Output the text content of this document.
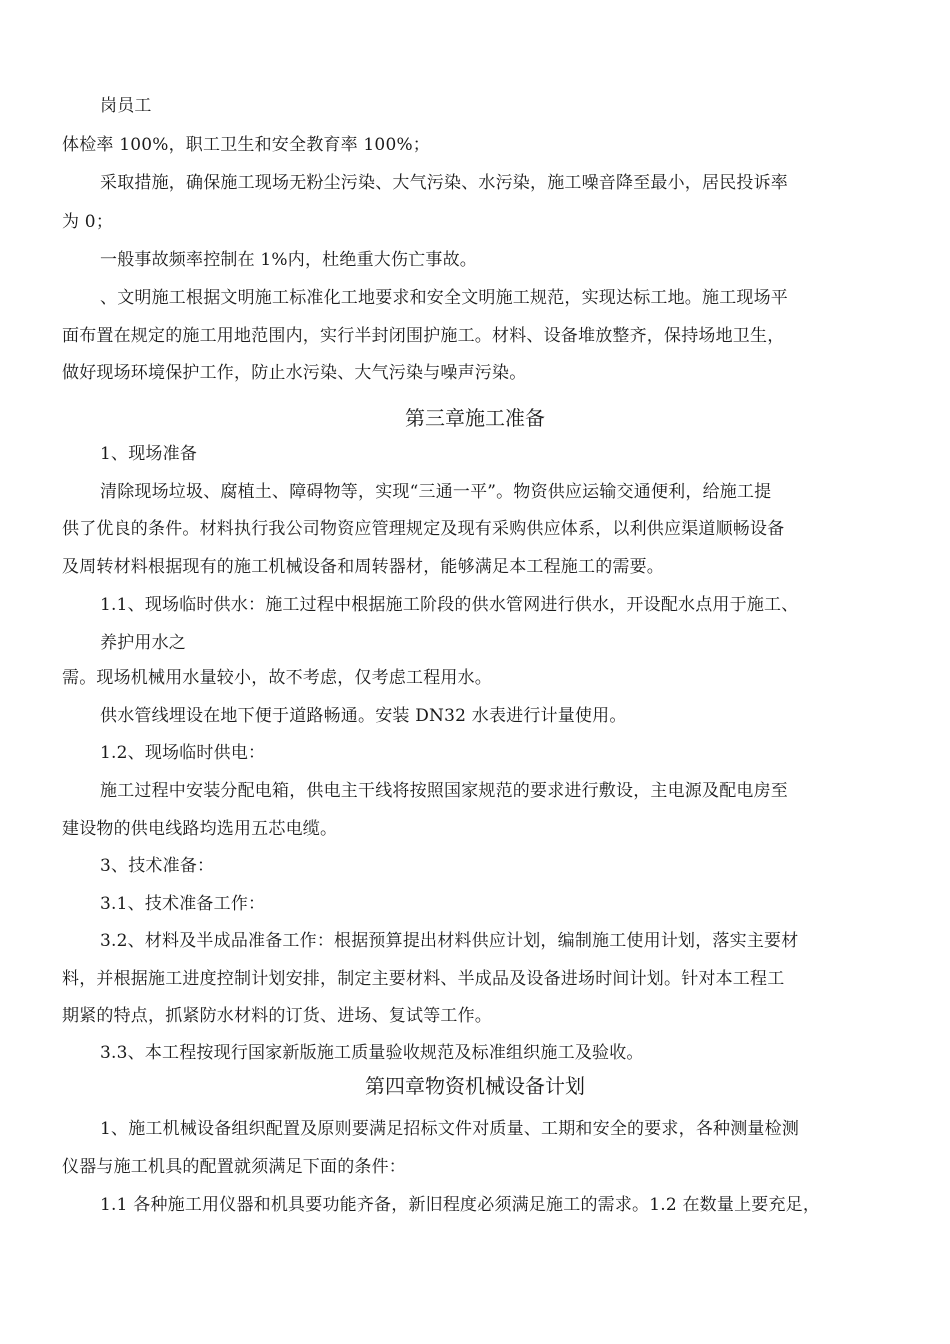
岗员工
体检率 100%，职工卫生和安全教育率 100%；
采取措施，确保施工现场无粉尘污染、大气污染、水污染，施工噪音降至最小，居民投诉率
为 0；
一般事故频率控制在 1%内，杜绝重大伤亡事故。
、文明施工根据文明施工标准化工地要求和安全文明施工规范，实现达标工地。施工现场平
面布置在规定的施工用地范围内，实行半封闭围护施工。材料、设备堆放整齐，保持场地卫生，
做好现场环境保护工作，防止水污染、大气污染与噪声污染。
第三章施工准备
1、现场准备
清除现场垃圾、腐植土、障碍物等，实现“三通一平”。物资供应运输交通便利，给施工提
供了优良的条件。材料执行我公司物资应管理规定及现有采购供应体系，以利供应渠道顺畅设备
及周转材料根据现有的施工机械设备和周转器材，能够满足本工程施工的需要。
1.1、现场临时供水：施工过程中根据施工阶段的供水管网进行供水，开设配水点用于施工、
养护用水之
需。现场机械用水量较小，故不考虑，仅考虑工程用水。
供水管线埋设在地下便于道路畅通。安装 DN32 水表进行计量使用。
1.2、现场临时供电：
施工过程中安装分配电箱，供电主干线将按照国家规范的要求进行敷设，主电源及配电房至
建设物的供电线路均选用五芯电缆。
3、技术准备：
3.1、技术准备工作：
3.2、材料及半成品准备工作：根据预算提出材料供应计划，编制施工使用计划，落实主要材
料，并根据施工进度控制计划安排，制定主要材料、半成品及设备进场时间计划。针对本工程工
期紧的特点，抓紧防水材料的订货、进场、复试等工作。
3.3、本工程按现行国家新版施工质量验收规范及标准组织施工及验收。
第四章物资机械设备计划
1、施工机械设备组织配置及原则要满足招标文件对质量、工期和安全的要求，各种测量检测
仪器与施工机具的配置就须满足下面的条件：
1.1 各种施工用仪器和机具要功能齐备，新旧程度必须满足施工的需求。1.2 在数量上要充足，
